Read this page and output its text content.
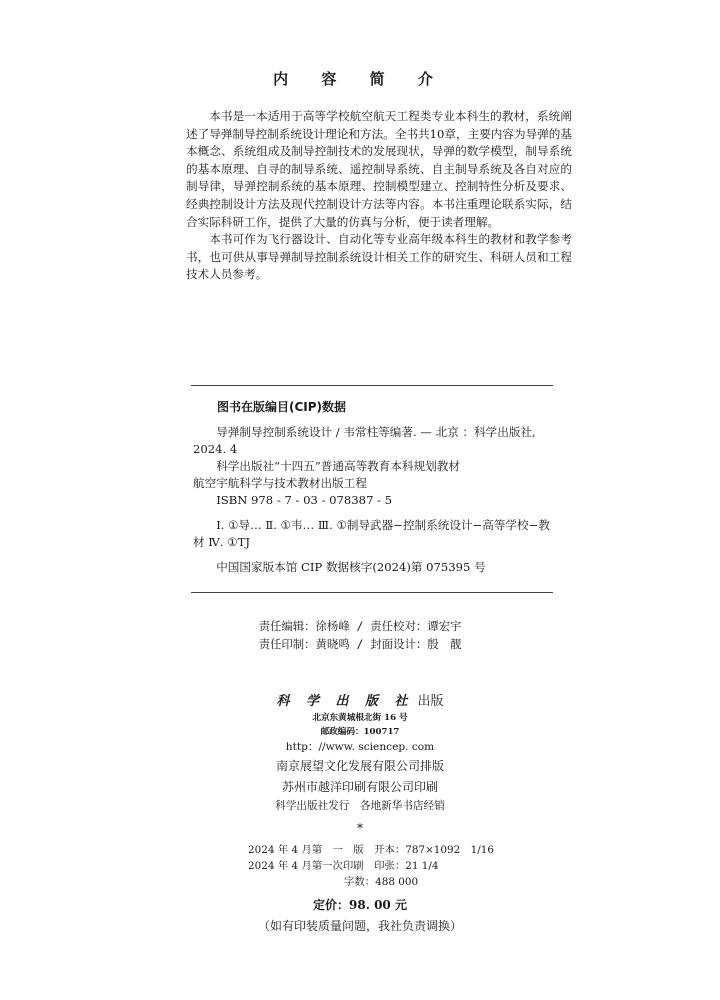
内 容 简 介

本书是一本适用于高等学校航空航天工程类专业本科生的教材，系统阐述了导弹制导控制系统设计理论和方法。全书共10章，主要内容为导弹的基本概念、系统组成及制导控制技术的发展现状，导弹的数学模型，制导系统的基本原理、自寻的制导系统、遥控制导系统、自主制导系统及各自对应的制导律，导弹控制系统的基本原理、控制模型建立、控制特性分析及要求、经典控制设计方法及现代控制设计方法等内容。本书注重理论联系实际，结合实际科研工作，提供了大量的仿真与分析，便于读者理解。

本书可作为飞行器设计、自动化等专业高年级本科生的教材和教学参考书，也可供从事导弹制导控制系统设计相关工作的研究生、科研人员和工程技术人员参考。

图书在版编目(CIP)数据

导弹制导控制系统设计 / 韦常柱等编著. — 北京 ：科学出版社, 2024. 4

科学出版社“十四五”普通高等教育本科规划教材

航空宇航科学与技术教材出版工程

ISBN 978 - 7 - 03 - 078387 - 5

Ⅰ. ①导… Ⅱ. ①韦… Ⅲ. ①制导武器−控制系统设计−高等学校−教材 Ⅳ. ①TJ

中国国家版本馆 CIP 数据核字(2024)第 075395 号

责任编辑：徐杨峰 / 责任校对：谭宏宇
责任印制：黄晓鸣 / 封面设计：殷　靓
科 学 出 版 社 出版
北京东黄城根北街 16 号
邮政编码：100717
http：//www. sciencep. com
南京展望文化发展有限公司排版
苏州市越洋印刷有限公司印刷
科学出版社发行　各地新华书店经销
*
2024 年 4 月第　一　版　开本：787×1092　1/16
2024 年 4 月第一次印刷　印张：21 1/4
字数：488 000
定价：98. 00 元
（如有印装质量问题，我社负责调换）
